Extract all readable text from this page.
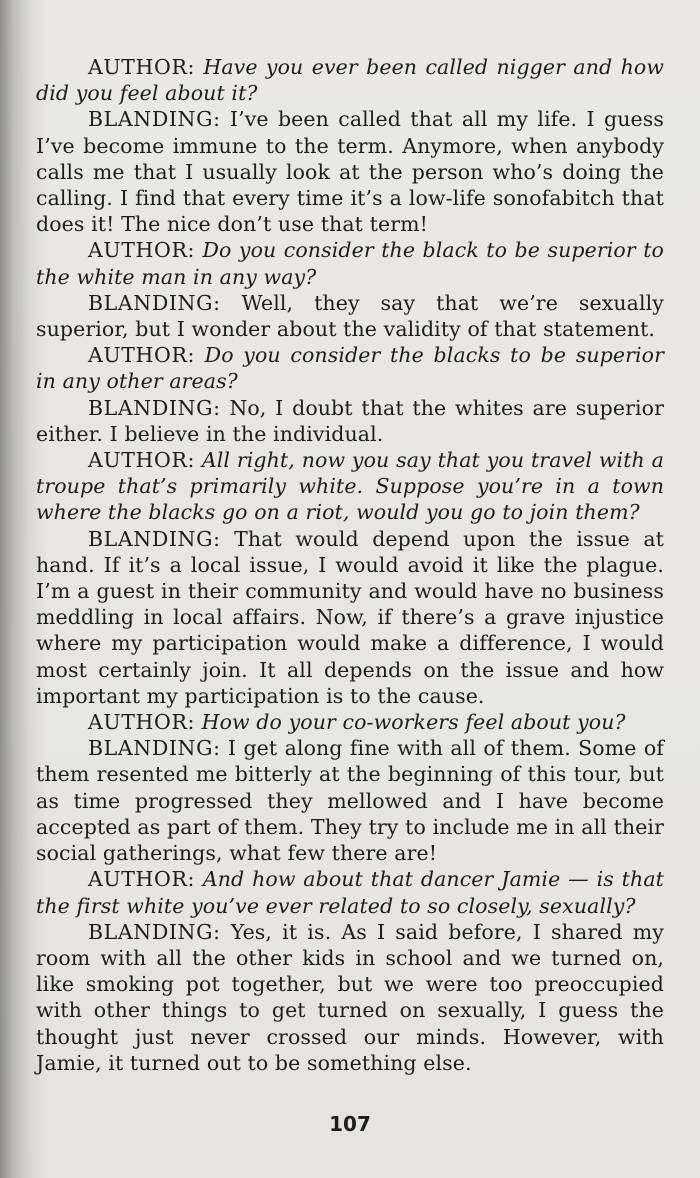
AUTHOR: Have you ever been called nigger and how did you feel about it?

BLANDING: I’ve been called that all my life. I guess I’ve become immune to the term. Anymore, when anybody calls me that I usually look at the person who’s doing the calling. I find that every time it’s a low-life sonofabitch that does it! The nice don’t use that term!

AUTHOR: Do you consider the black to be superior to the white man in any way?

BLANDING: Well, they say that we’re sexually superior, but I wonder about the validity of that statement.

AUTHOR: Do you consider the blacks to be superior in any other areas?

BLANDING: No, I doubt that the whites are superior either. I believe in the individual.

AUTHOR: All right, now you say that you travel with a troupe that’s primarily white. Suppose you’re in a town where the blacks go on a riot, would you go to join them?

BLANDING: That would depend upon the issue at hand. If it’s a local issue, I would avoid it like the plague. I’m a guest in their community and would have no business meddling in local affairs. Now, if there’s a grave injustice where my participation would make a difference, I would most certainly join. It all depends on the issue and how important my participation is to the cause.

AUTHOR: How do your co-workers feel about you?

BLANDING: I get along fine with all of them. Some of them resented me bitterly at the beginning of this tour, but as time progressed they mellowed and I have become accepted as part of them. They try to include me in all their social gatherings, what few there are!

AUTHOR: And how about that dancer Jamie — is that the first white you’ve ever related to so closely, sexually?

BLANDING: Yes, it is. As I said before, I shared my room with all the other kids in school and we turned on, like smoking pot together, but we were too preoccupied with other things to get turned on sexually, I guess the thought just never crossed our minds. However, with Jamie, it turned out to be something else.

107
